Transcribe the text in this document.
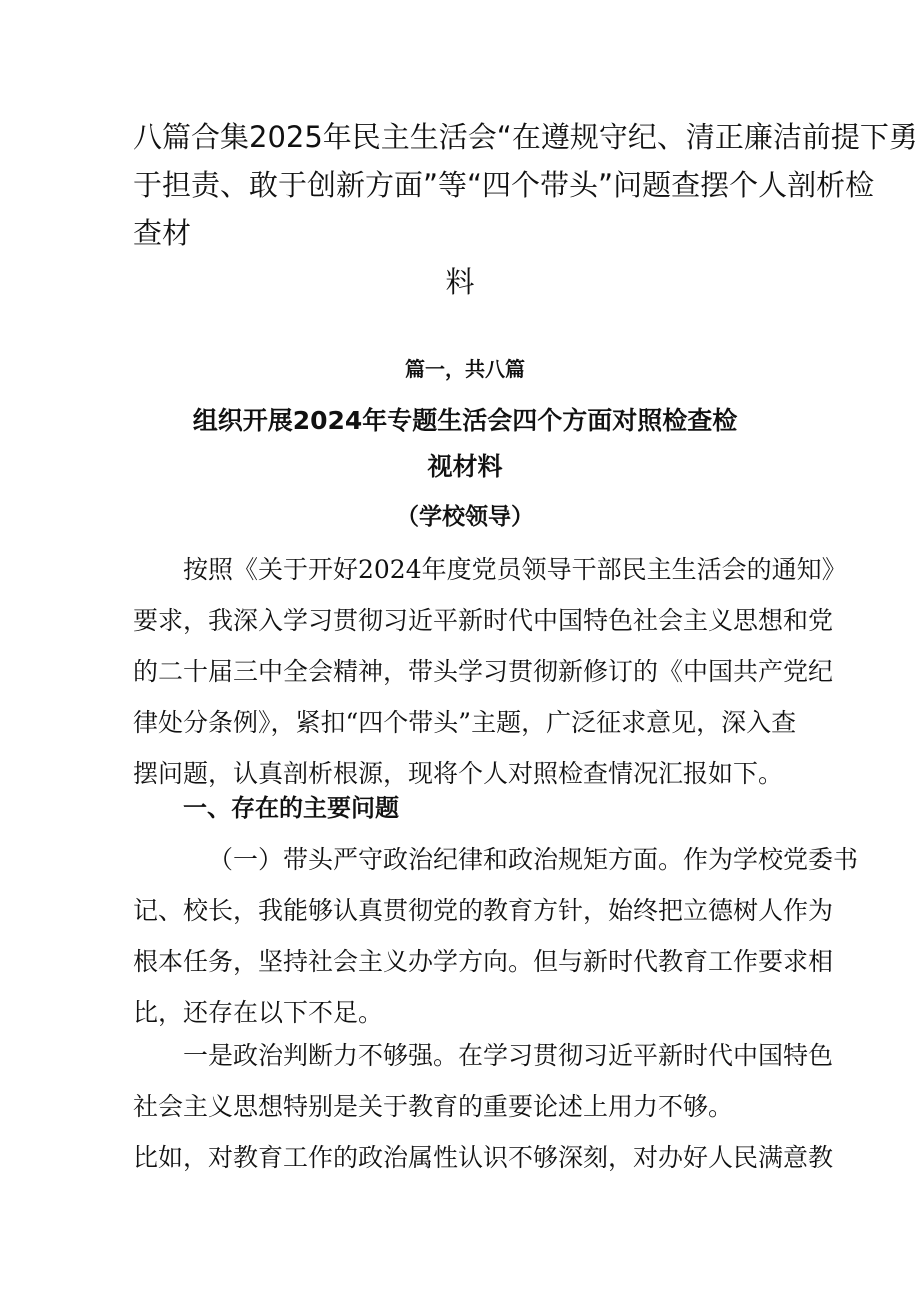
八篇合集2025年民主生活会“在遵规守纪、清正廉洁前提下勇
于担责、敢于创新方面”等“四个带头”问题查摆个人剖析检
查材
料
篇一，共八篇
组织开展2024年专题生活会四个方面对照检查检
视材料
（学校领导）

按照《关于开好2024年度党员领导干部民主生活会的通知》
要求，我深入学习贯彻习近平新时代中国特色社会主义思想和党
的二十届三中全会精神，带头学习贯彻新修订的《中国共产党纪
律处分条例》，紧扣“四个带头”主题，广泛征求意见，深入查
摆问题，认真剖析根源，现将个人对照检查情况汇报如下。

一、存在的主要问题

（一）带头严守政治纪律和政治规矩方面。作为学校党委书
记、校长，我能够认真贯彻党的教育方针，始终把立德树人作为
根本任务，坚持社会主义办学方向。但与新时代教育工作要求相
比，还存在以下不足。

一是政治判断力不够强。在学习贯彻习近平新时代中国特色
社会主义思想特别是关于教育的重要论述上用力不够。
比如，对教育工作的政治属性认识不够深刻，对办好人民满意教
